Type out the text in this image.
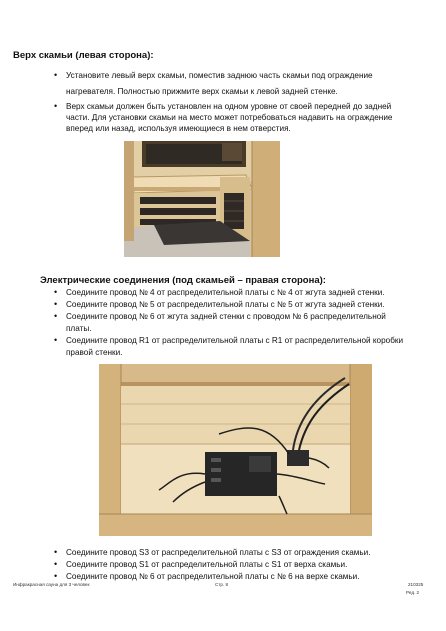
Верх скамьи (левая сторона):
• Установите левый верх скамьи, поместив заднюю часть скамьи под ограждение
нагревателя. Полностью прижмите верх скамьи к левой задней стенке.
• Верх скамьи должен быть установлен на одном уровне от своей передней до задней
части. Для установки скамьи на место может потребоваться надавить на ограждение
вперед или назад, используя имеющиеся в нем отверстия.
Электрические соединения (под скамьей – правая сторона):
• Соедините провод № 4 от распределительной платы с № 4 от жгута задней стенки.
• Соедините провод № 5 от распределительной платы с № 5 от жгута задней стенки.
• Соедините провод № 6 от жгута задней стенки с проводом № 6 распределительной
платы.
• Соедините провод R1 от распределительной платы с R1 от распределительной коробки
правой стенки.
• Соедините провод S3 от распределительной платы с S3 от ограждения скамьи.
• Соедините провод S1 от распределительной платы с S1 от верха скамьи.
• Соедините провод № 6 от распределительной платы с № 6 на верхе скамьи.
Инфракрасная сауна для 3 человек	Стр. 8	210325
Ред. 2
